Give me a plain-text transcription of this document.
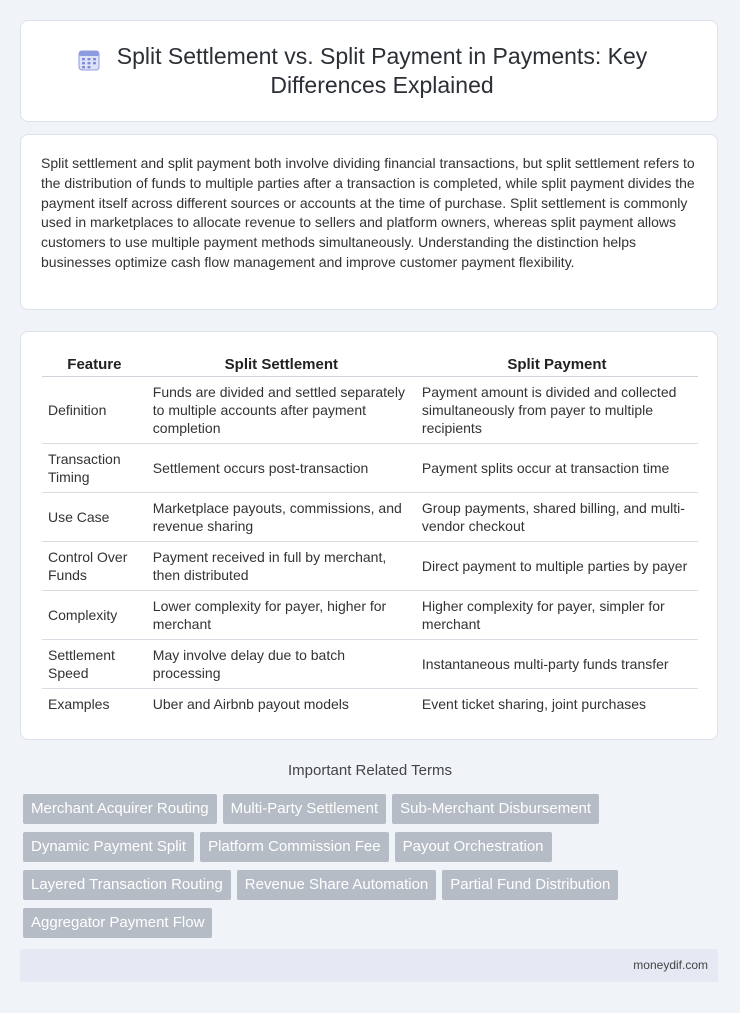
Split Settlement vs. Split Payment in Payments: Key Differences Explained

Split settlement and split payment both involve dividing financial transactions, but split settlement refers to the distribution of funds to multiple parties after a transaction is completed, while split payment divides the payment itself across different sources or accounts at the time of purchase. Split settlement is commonly used in marketplaces to allocate revenue to sellers and platform owners, whereas split payment allows customers to use multiple payment methods simultaneously. Understanding the distinction helps businesses optimize cash flow management and improve customer payment flexibility.

Feature	Split Settlement	Split Payment
Definition	Funds are divided and settled separately to multiple accounts after payment completion	Payment amount is divided and collected simultaneously from payer to multiple recipients
Transaction Timing	Settlement occurs post-transaction	Payment splits occur at transaction time
Use Case	Marketplace payouts, commissions, and revenue sharing	Group payments, shared billing, and multi-vendor checkout
Control Over Funds	Payment received in full by merchant, then distributed	Direct payment to multiple parties by payer
Complexity	Lower complexity for payer, higher for merchant	Higher complexity for payer, simpler for merchant
Settlement Speed	May involve delay due to batch processing	Instantaneous multi-party funds transfer
Examples	Uber and Airbnb payout models	Event ticket sharing, joint purchases
Important Related Terms
Merchant Acquirer Routing	Multi-Party Settlement	Sub-Merchant Disbursement
Dynamic Payment Split	Platform Commission Fee	Payout Orchestration
Layered Transaction Routing	Revenue Share Automation	Partial Fund Distribution
Aggregator Payment Flow
moneydif.com
